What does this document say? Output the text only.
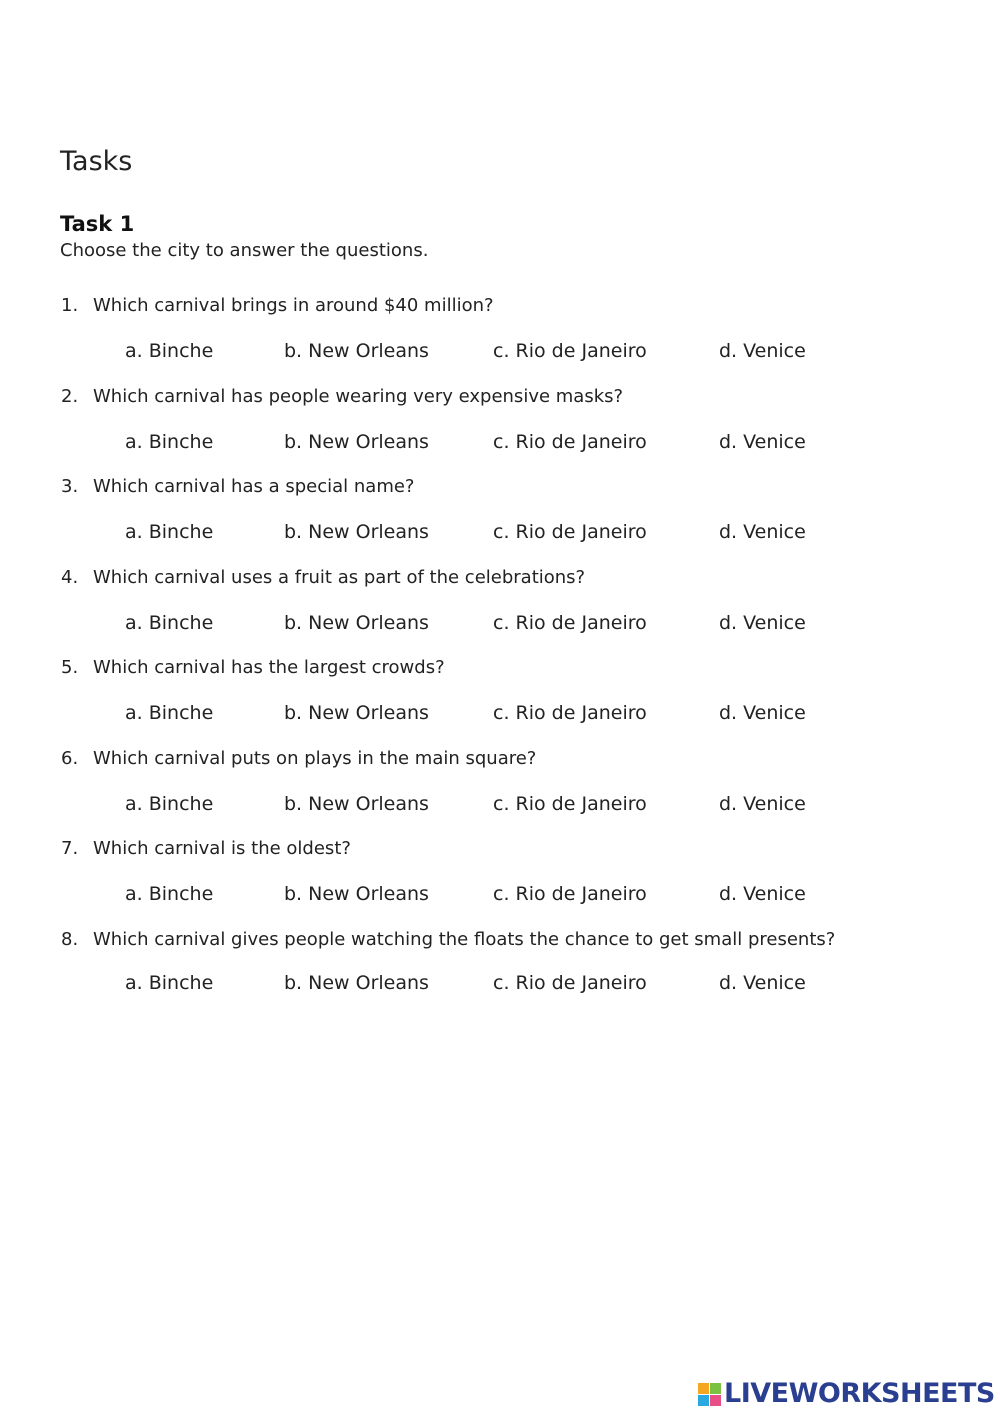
Tasks
Task 1

Choose the city to answer the questions.

1. Which carnival brings in around $40 million?
a. Binche	b. New Orleans	c. Rio de Janeiro	d. Venice
2. Which carnival has people wearing very expensive masks?
a. Binche	b. New Orleans	c. Rio de Janeiro	d. Venice
3. Which carnival has a special name?
a. Binche	b. New Orleans	c. Rio de Janeiro	d. Venice
4. Which carnival uses a fruit as part of the celebrations?
a. Binche	b. New Orleans	c. Rio de Janeiro	d. Venice
5. Which carnival has the largest crowds?
a. Binche	b. New Orleans	c. Rio de Janeiro	d. Venice
6. Which carnival puts on plays in the main square?
a. Binche	b. New Orleans	c. Rio de Janeiro	d. Venice
7. Which carnival is the oldest?
a. Binche	b. New Orleans	c. Rio de Janeiro	d. Venice
8. Which carnival gives people watching the floats the chance to get small presents?
a. Binche	b. New Orleans	c. Rio de Janeiro	d. Venice
LIVEWORKSHEETS
